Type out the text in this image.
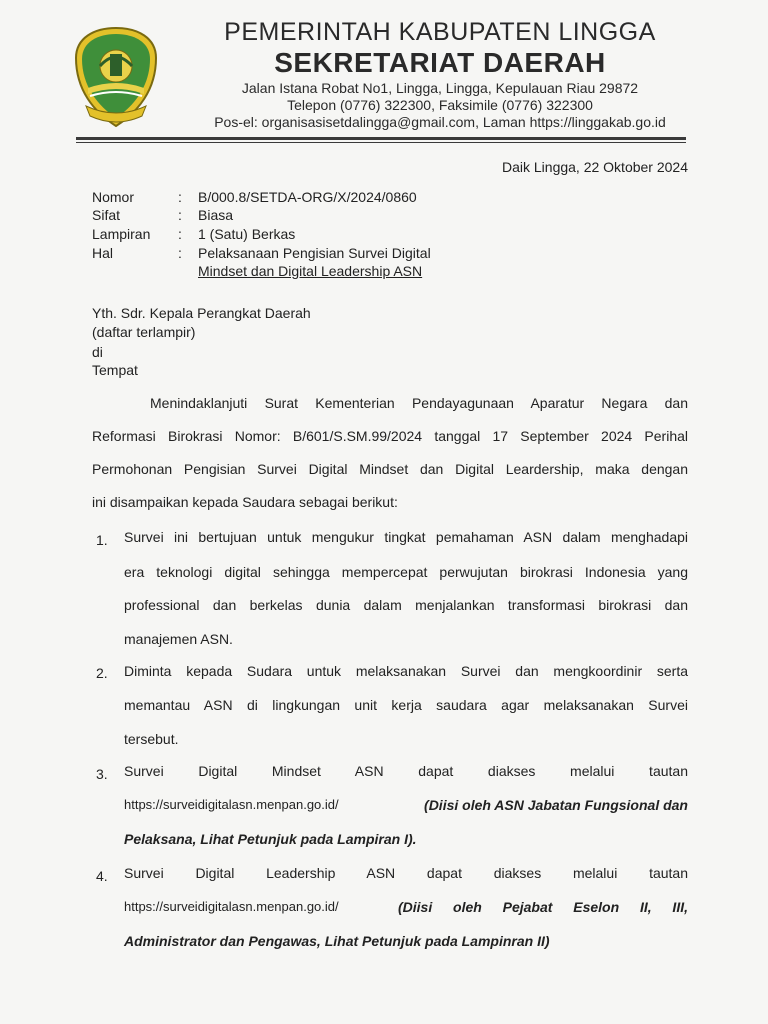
PEMERINTAH KABUPATEN LINGGA
SEKRETARIAT DAERAH
Jalan Istana Robat No1, Lingga, Lingga, Kepulauan Riau 29872
Telepon (0776) 322300, Faksimile (0776) 322300
Pos-el: organisasisetdalingga@gmail.com, Laman https://linggakab.go.id
Daik Lingga, 22 Oktober 2024
Nomor	: B/000.8/SETDA-ORG/X/2024/0860
Sifat	: Biasa
Lampiran : 1 (Satu) Berkas
Hal	: Pelaksanaan Pengisian Survei Digital
Mindset dan Digital Leadership ASN
Yth. Sdr. Kepala Perangkat Daerah
(daftar terlampir)
di
Tempat
Menindaklanjuti Surat Kementerian Pendayagunaan Aparatur Negara dan
Reformasi Birokrasi Nomor: B/601/S.SM.99/2024 tanggal 17 September 2024 Perihal
Permohonan Pengisian Survei Digital Mindset dan Digital Leardership, maka dengan
ini disampaikan kepada Saudara sebagai berikut:
1. Survei ini bertujuan untuk mengukur tingkat pemahaman ASN dalam menghadapi
era teknologi digital sehingga mempercepat perwujutan birokrasi Indonesia yang
professional dan berkelas dunia dalam menjalankan transformasi birokrasi dan
manajemen ASN.
2. Diminta kepada Sudara untuk melaksanakan Survei dan mengkoordinir serta
memantau ASN di lingkungan unit kerja saudara agar melaksanakan Survei
tersebut.
3. Survei Digital Mindset ASN dapat diakses melalui tautan
https://surveidigitalasn.menpan.go.id/	(Diisi oleh ASN Jabatan Fungsional dan
Pelaksana, Lihat Petunjuk pada Lampiran I).
4. Survei Digital Leadership ASN dapat diakses melalui tautan
https://surveidigitalasn.menpan.go.id/	(Diisi oleh Pejabat Eselon II, III,
Administrator dan Pengawas, Lihat Petunjuk pada Lampinran II)
